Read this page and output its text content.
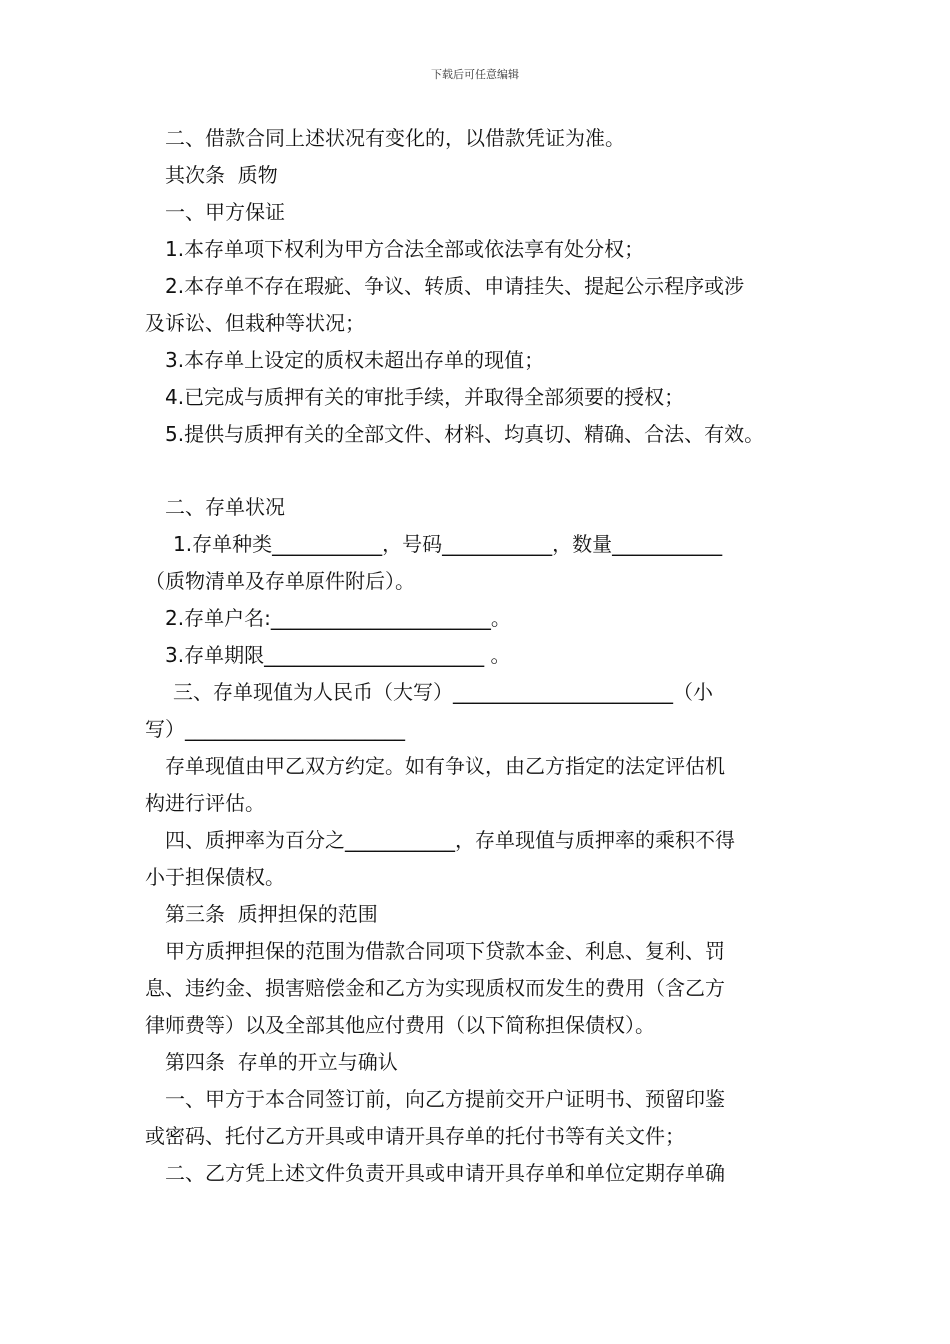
下载后可任意编辑

二、借款合同上述状况有变化的，以借款凭证为准。

其次条  质物

一、甲方保证

1.本存单项下权利为甲方合法全部或依法享有处分权；

2.本存单不存在瑕疵、争议、转质、申请挂失、提起公示程序或涉

及诉讼、但栽种等状况；

3.本存单上设定的质权未超出存单的现值；

4.已完成与质押有关的审批手续，并取得全部须要的授权；

5.提供与质押有关的全部文件、材料、均真切、精确、合法、有效。

二、存单状况

1.存单种类___________，号码___________，数量___________

（质物清单及存单原件附后）。

2.存单户名:______________________。

3.存单期限______________________ 。

三、存单现值为人民币（大写）______________________（小

写）______________________

存单现值由甲乙双方约定。如有争议，由乙方指定的法定评估机

构进行评估。

四、质押率为百分之___________，存单现值与质押率的乘积不得

小于担保债权。

第三条  质押担保的范围

甲方质押担保的范围为借款合同项下贷款本金、利息、复利、罚

息、违约金、损害赔偿金和乙方为实现质权而发生的费用（含乙方

律师费等）以及全部其他应付费用（以下简称担保债权）。

第四条  存单的开立与确认

一、甲方于本合同签订前，向乙方提前交开户证明书、预留印鉴

或密码、托付乙方开具或申请开具存单的托付书等有关文件；

二、乙方凭上述文件负责开具或申请开具存单和单位定期存单确
